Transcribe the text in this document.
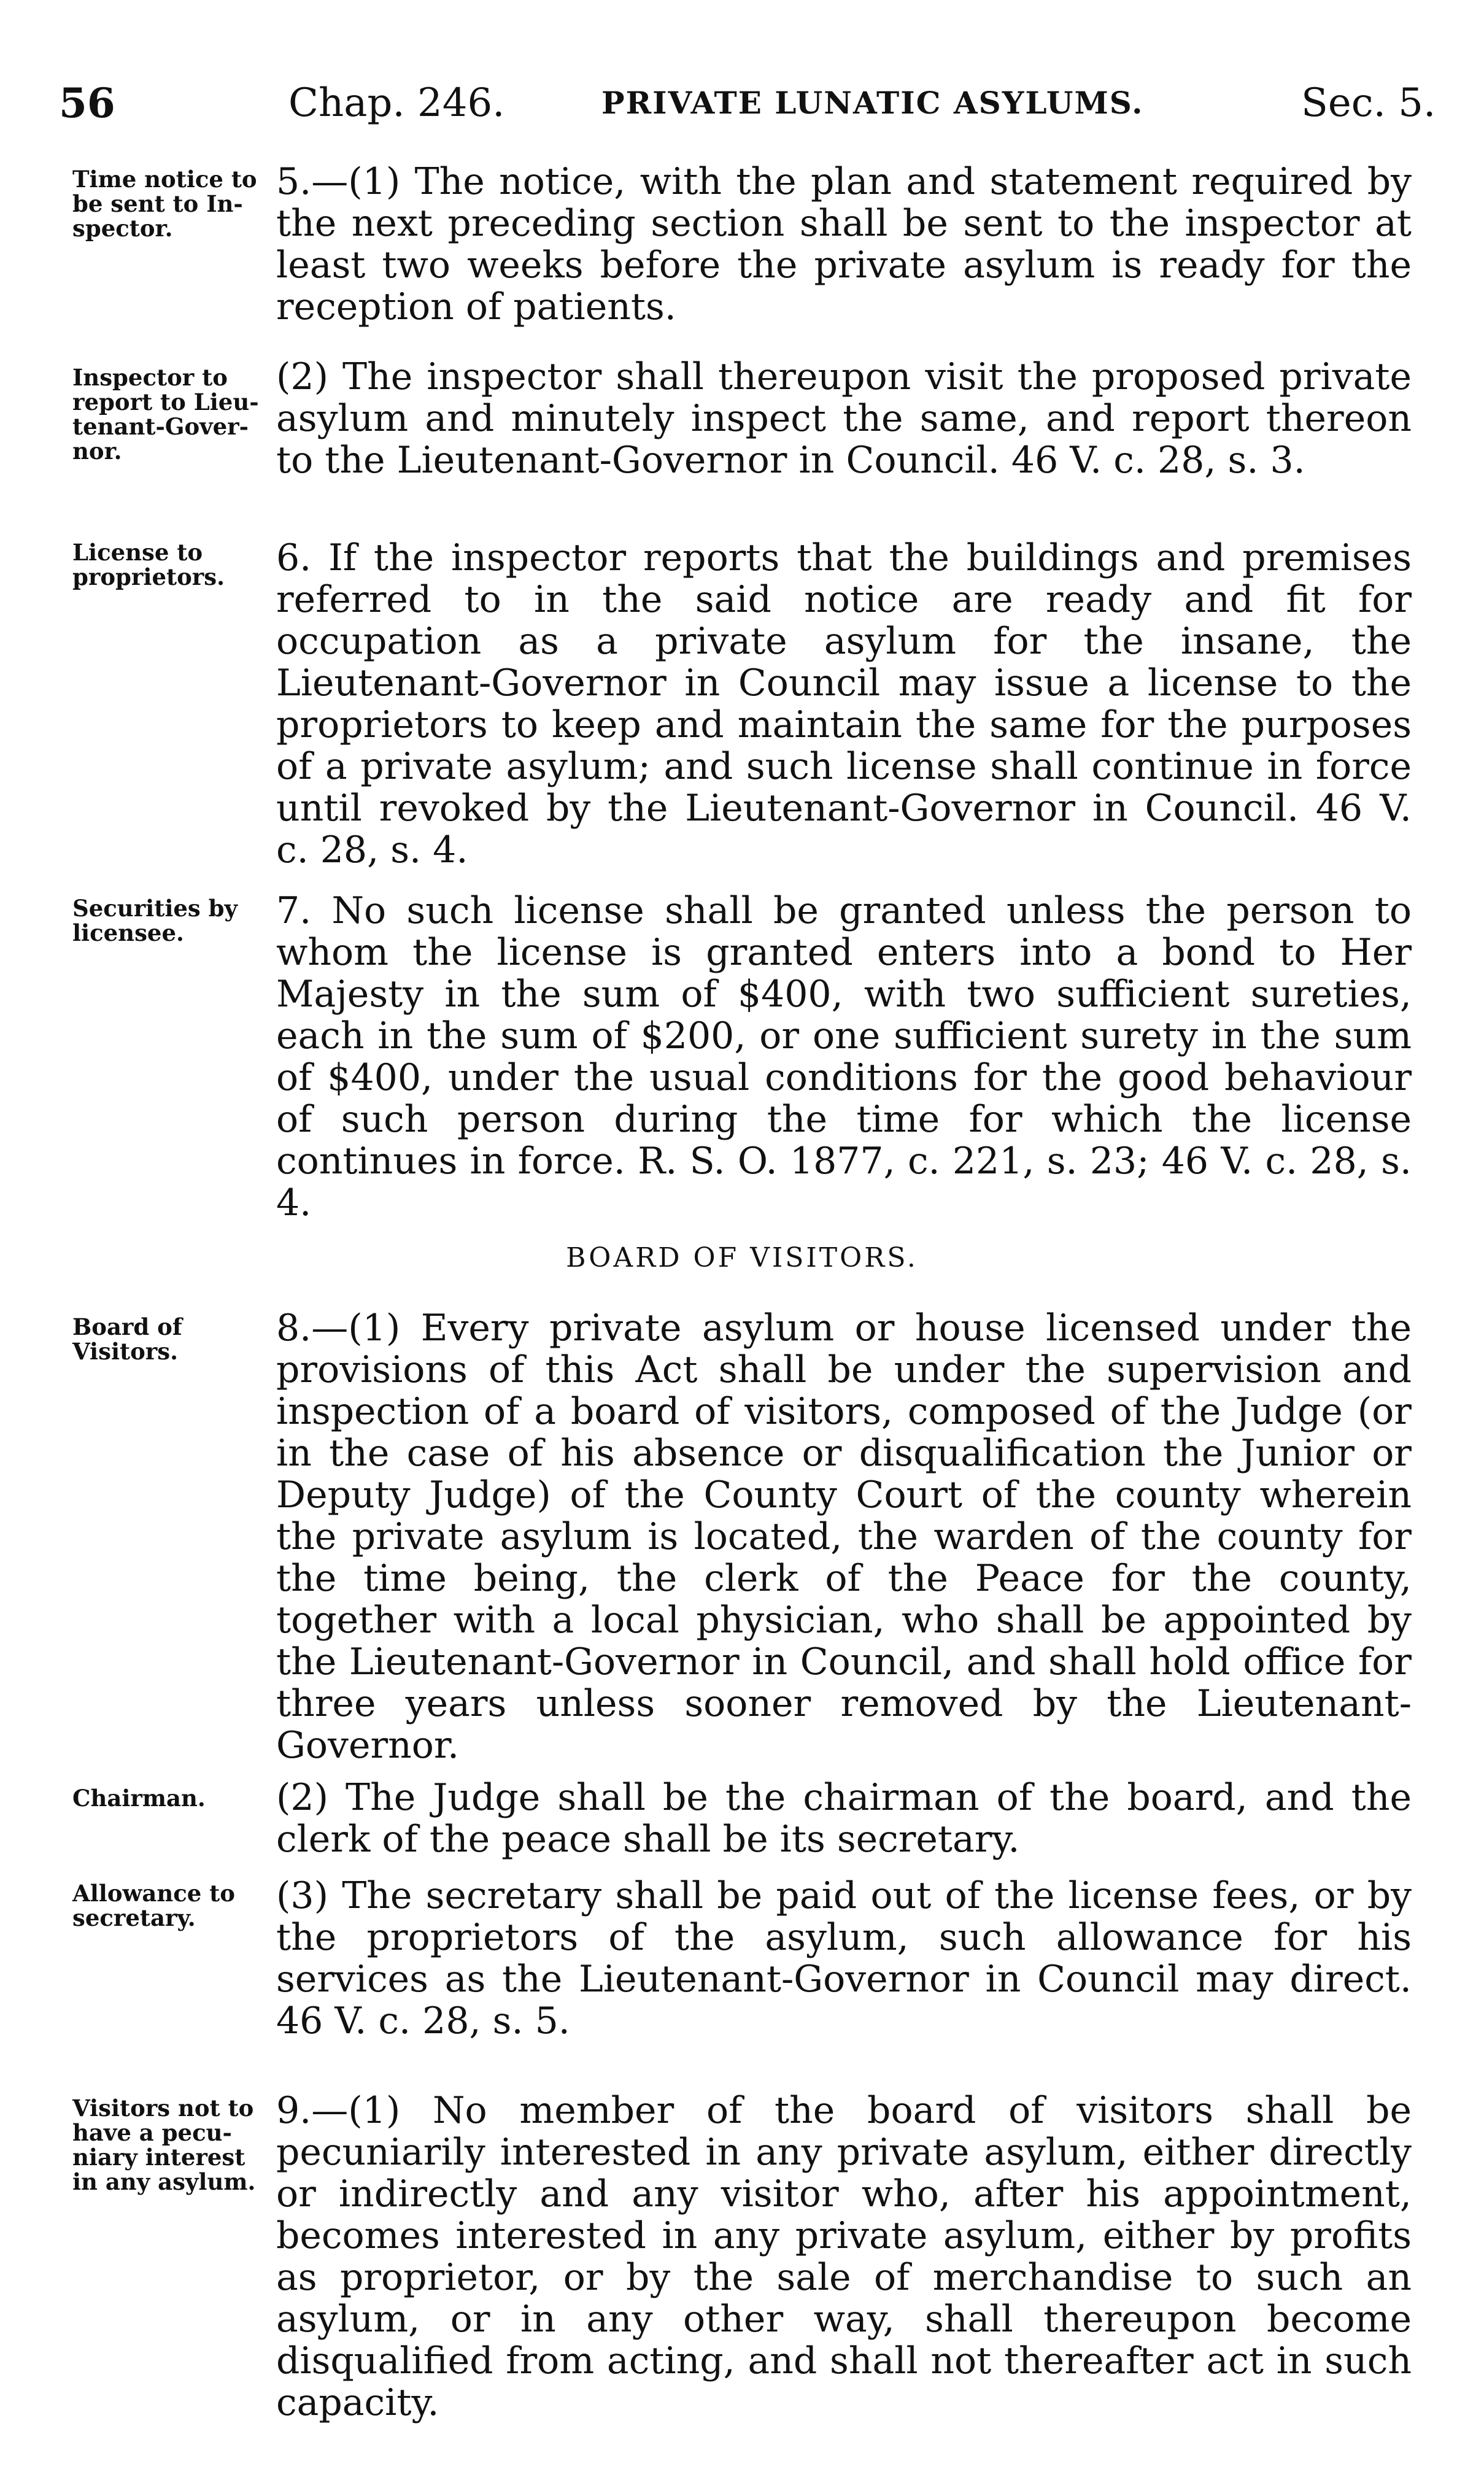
56	Chap. 246.	PRIVATE LUNATIC ASYLUMS.	Sec. 5.
Time notice to
be sent to In-
spector.
5.—(1) The notice, with the plan and statement required by the next preceding section shall be sent to the inspector at least two weeks before the private asylum is ready for the reception of patients.
Inspector to
report to Lieu-
tenant-Gover-
nor.
(2) The inspector shall thereupon visit the proposed private asylum and minutely inspect the same, and report thereon to the Lieutenant-Governor in Council. 46 V. c. 28, s. 3.
License to
proprietors.	6. If the inspector reports that the buildings and premises referred to in the said notice are ready and fit for occupation as a private asylum for the insane, the Lieutenant-Governor in Council may issue a license to the proprietors to keep and maintain the same for the purposes of a private asylum; and such license shall continue in force until revoked by the Lieutenant-Governor in Council. 46 V. c. 28, s. 4.
Securities by
licensee.
7. No such license shall be granted unless the person to whom the license is granted enters into a bond to Her Majesty in the sum of $400, with two sufficient sureties, each in the sum of $200, or one sufficient surety in the sum of $400, under the usual conditions for the good behaviour of such person during the time for which the license continues in force. R. S. O. 1877, c. 221, s. 23; 46 V. c. 28, s. 4.
BOARD OF VISITORS.
Board of
Visitors.
8.—(1) Every private asylum or house licensed under the provisions of this Act shall be under the supervision and inspection of a board of visitors, composed of the Judge (or in the case of his absence or disqualification the Junior or Deputy Judge) of the County Court of the county wherein the private asylum is located, the warden of the county for the time being, the clerk of the Peace for the county, together with a local physician, who shall be appointed by the Lieutenant-Governor in Council, and shall hold office for three years unless sooner removed by the Lieutenant-Governor.
Chairman.	(2) The Judge shall be the chairman of the board, and the clerk of the peace shall be its secretary.
Allowance to
secretary.
(3) The secretary shall be paid out of the license fees, or by the proprietors of the asylum, such allowance for his services as the Lieutenant-Governor in Council may direct. 46 V. c. 28, s. 5.
Visitors not to
have a pecu-
niary interest
in any asylum.
9.—(1) No member of the board of visitors shall be pecuniarily interested in any private asylum, either directly or indirectly and any visitor who, after his appointment, becomes interested in any private asylum, either by profits as proprietor, or by the sale of merchandise to such an asylum, or in any other way, shall thereupon become disqualified from acting, and shall not thereafter act in such capacity.
